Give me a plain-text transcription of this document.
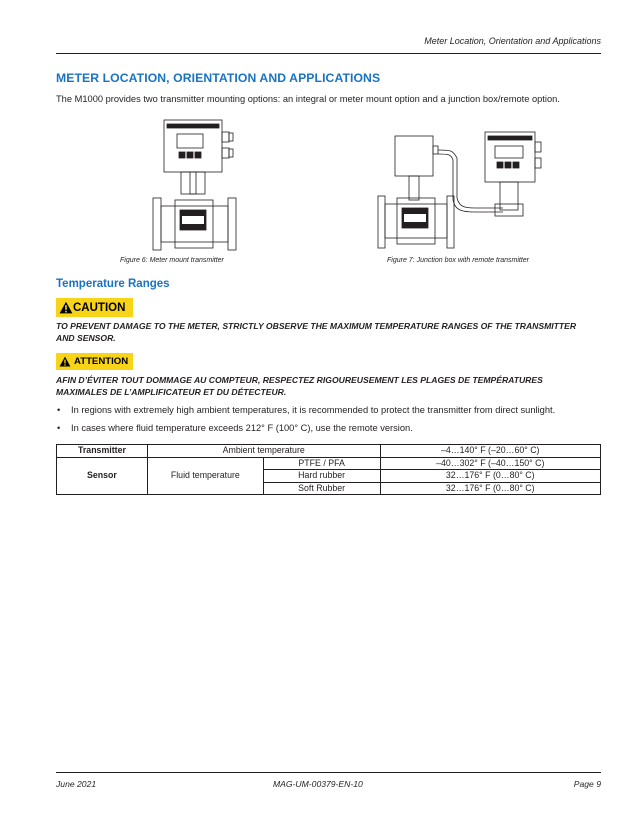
Meter Location, Orientation and Applications
METER LOCATION, ORIENTATION AND APPLICATIONS
The M1000 provides two transmitter mounting options: an integral or meter mount option and a junction box/remote option.
Figure 6: Meter mount transmitter	Figure 7: Junction box with remote transmitter
Temperature Ranges
CAUTION
TO PREVENT DAMAGE TO THE METER, STRICTLY OBSERVE THE MAXIMUM TEMPERATURE RANGES OF THE TRANSMITTER AND SENSOR.
ATTENTION
AFIN D’ÉVITER TOUT DOMMAGE AU COMPTEUR, RESPECTEZ RIGOUREUSEMENT LES PLAGES DE TEMPÉRATURES MAXIMALES DE L’AMPLIFICATEUR ET DU DÉTECTEUR.
• In regions with extremely high ambient temperatures, it is recommended to protect the transmitter from direct sunlight.
• In cases where fluid temperature exceeds 212° F (100° C), use the remote version.
Transmitter	Ambient temperature		–4…140° F (–20…60° C)
Sensor	Fluid temperature	PTFE / PFA	–40…302° F (–40…150° C)
		Hard rubber	32…176° F (0…80° C)
		Soft Rubber	32…176° F (0…80° C)
June 2021	MAG-UM-00379-EN-10	Page 9
